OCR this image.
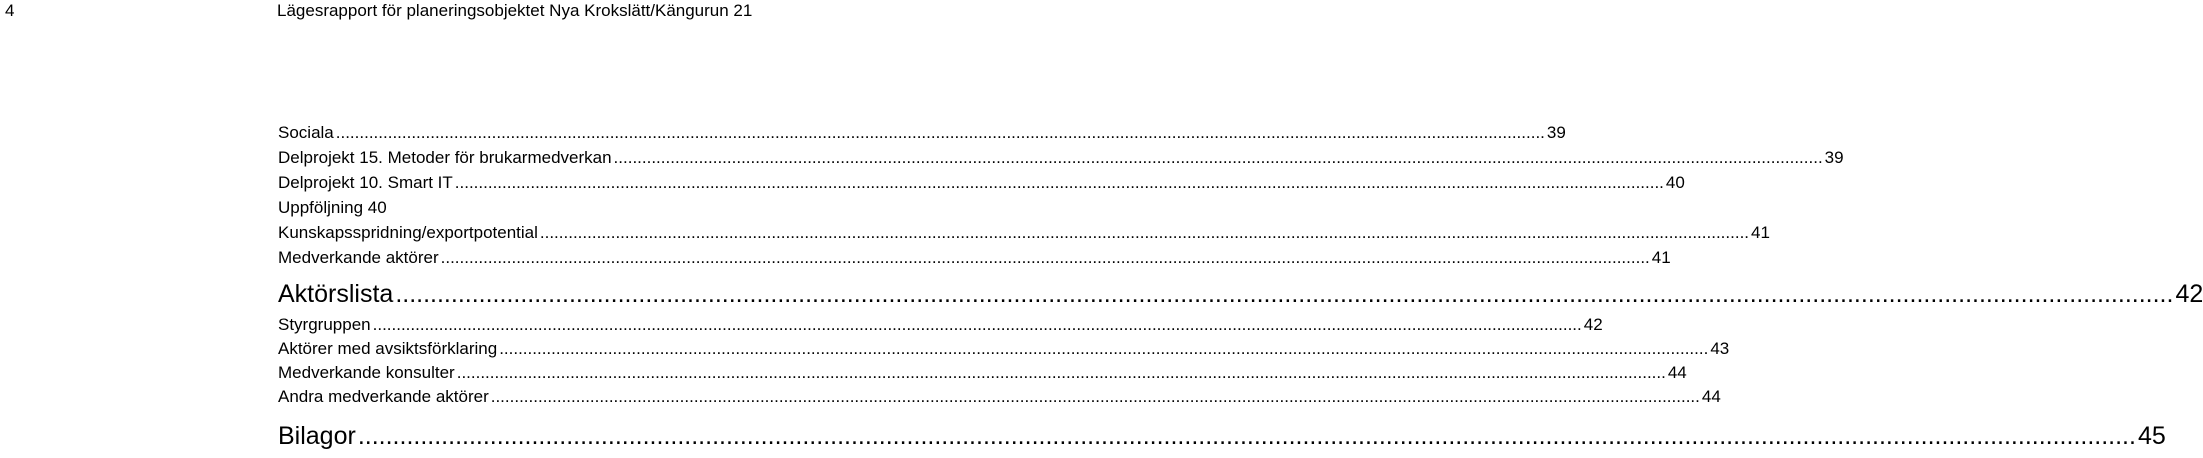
4	Lägesrapport för planeringsobjektet Nya Krokslätt/Kängurun 21
Sociala .....	39
Delprojekt 15. Metoder för brukarmedverkan .....	39
Delprojekt 10. Smart IT .....	40
Uppföljning 40
Kunskapsspridning/exportpotential .....	41
Medverkande aktörer .....	41
Aktörslista .....	42
Styrgruppen .....	42
Aktörer med avsiktsförklaring .....	43
Medverkande konsulter .....	44
Andra medverkande aktörer .....	44
Bilagor .....	45
